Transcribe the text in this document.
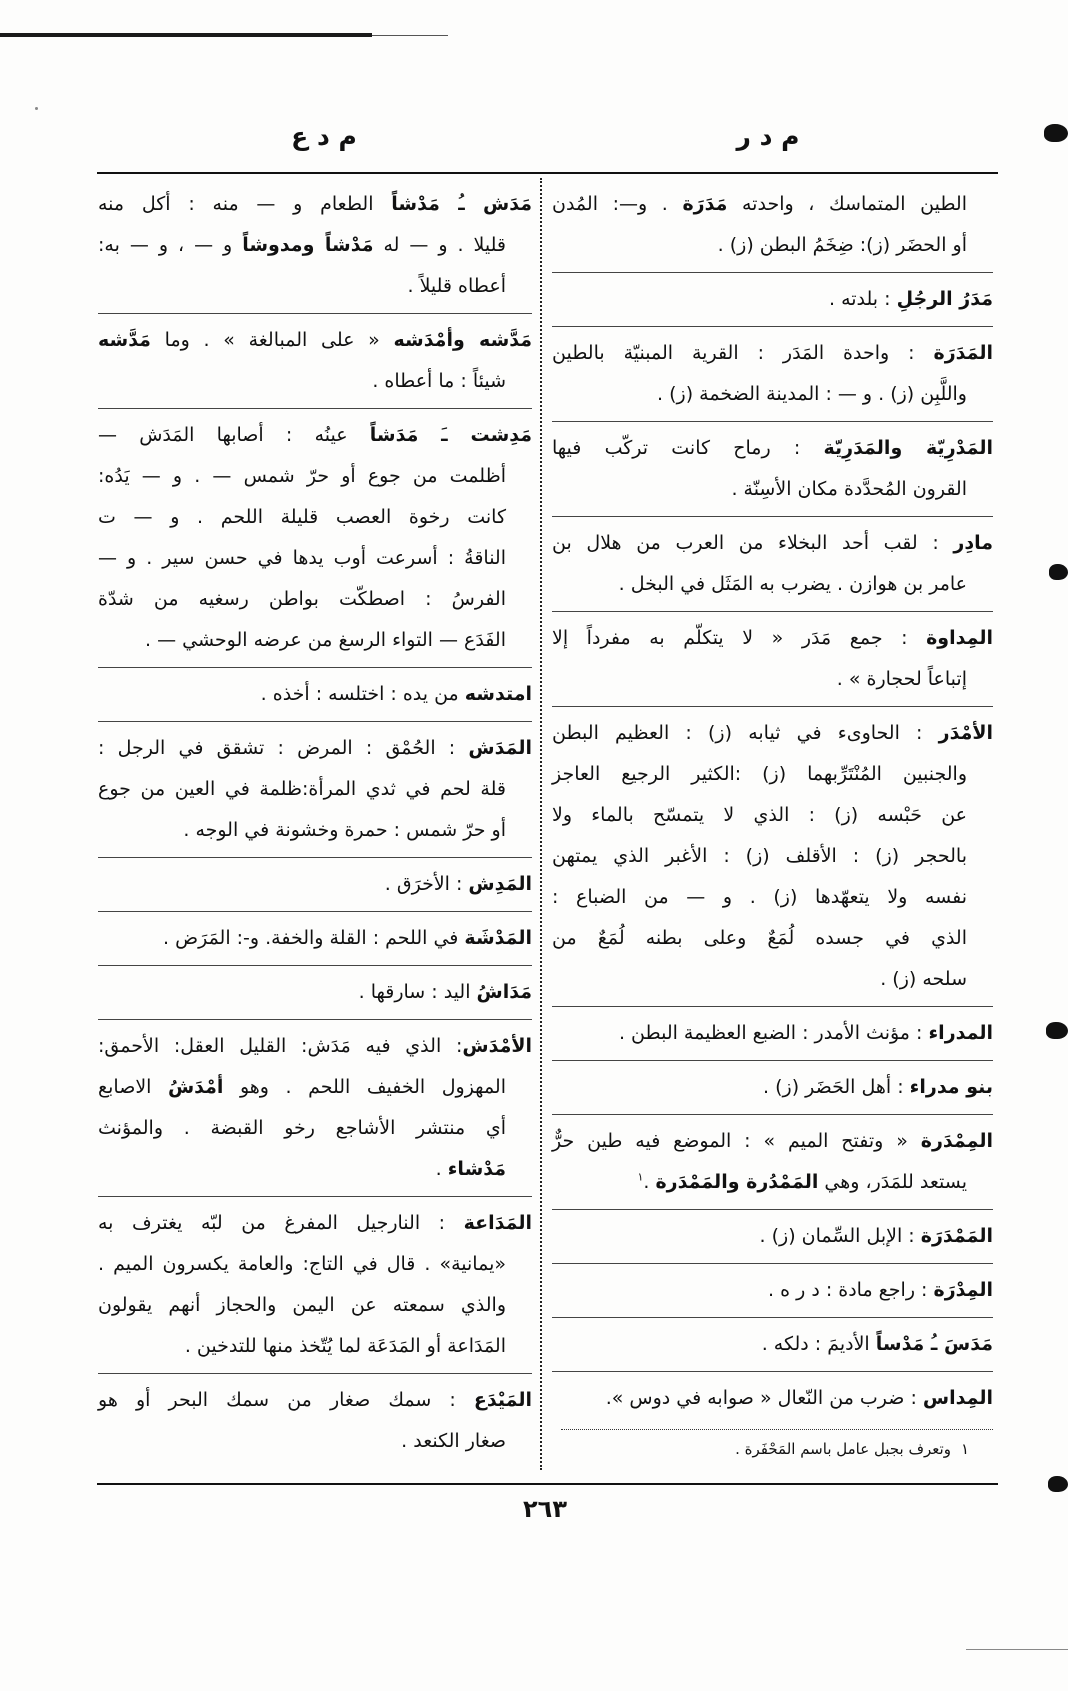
م د ع	م د ر
الطين المتماسك ، واحدته مَدَرَة . و—: المُدن
أو الحضَر (ز): ضِخَمُ البطن (ز) .
مَدَرُ الرجُلِ : بلدته .
المَدَرَة : واحدة المَدَر : القرية المبنيّة بالطين
واللَّبِن (ز) . و — : المدينة الضخمة (ز) .
المَدْرِيّة والمَدَرِيّة : رماح كانت تركّب فيها
القرون المُحدَّدة مكان الأسِنّة .
مادِر : لقب أحد البخلاء من العرب من هلال بن
عامر بن هوازن . يضرب به المَثَل في البخل .
المِداوة : جمع مَدَر « لا يتكلّم به مفرداً إلا
إتباعاً لحجارة » .
الأمْدَر : الحاوىء في ثيابه (ز) : العظيم البطن
والجنبين المُنْتَرِّبهما (ز) :الكثير الرجيع العاجز
عن حَبْسه (ز) : الذي لا يتمسّح بالماء ولا
بالحجر (ز) : الأقلف (ز) : الأغبر الذي يمتهن
نفسه ولا يتعهّدها (ز) . و — من الضباع :
الذي في جسده لُمَعٌ وعلى بطنه لُمَعٌ من
سلحه (ز) .
المدراء : مؤنث الأمدر : الضبع العظيمة البطن .
بنو مدراء : أهل الحَضَر (ز) .
المِمْدَرة « وتفتح الميم » : الموضع فيه طين حرٌّ
يستعد للمَدَر، وهي المَمْدُرة والمَمْدَرة .$^١$
المَمْدَرَة : الإبل السِّمان (ز) .
المِدْرَة : راجع مادة : د ر ه .
مَدَسَ ـُ مَدْساً الأديمَ : دلكه .
المِداس : ضرب من النّعال « صوابه في دوس ».
مَدَش ـُ مَدْشاً الطعام و — منه : أكل منه
قليلا . و — له مَدْشاً ومدوشاً و — ، و — به:
أعطاه قليلاً .
مَدَّشه وأمْدَشه « على المبالغة » . وما مَدَّشه
شيئاً : ما أعطاه .
مَدِشت ـَ مَدَشاً عينُه : أصابها المَدَش —
أظلمت من جوع أو حرّ شمس — . و — يَدُه:
كانت رخوة العصب قليلة اللحم . و — ت
الناقةُ : أسرعت أوب يدها في حسن سير . و —
الفرسُ : اصطكّت بواطن رسغيه من شدّة
الفَدَع — التواء الرسغ من عرضه الوحشي — .
امتدشه من يده : اختلسه : أخذه .
المَدَش : الحُمْق : المرض : تشقق في الرجل :
قلة لحم في ثدي المرأة:ظلمة في العين من جوع
أو حرّ شمس : حمرة وخشونة في الوجه .
المَدِش : الأخرَق .
المَدْشَة في اللحم : القلة والخفة. و-: المَرَض .
مَدَاشُ اليد : سارقها .
الأمْدَش: الذي فيه مَدَش: القليل العقل: الأحمق:
المهزول الخفيف اللحم . وهو أمْدَشُ الاصابع
أي منتشر الأشاجع رخو القبضة . والمؤنث
مَدْشاء .
المَدَاعة : النارجيل المفرغ من لبّه يغترف به
«يمانية» . قال في التاج: والعامة يكسرون الميم .
والذي سمعته عن اليمن والحجاز أنهم يقولون
المَدَاعة أو المَدَعَة لما يُتّخذ منها للتدخين .
المَيْدَع : سمك صغار من سمك البحر أو هو
صغار الكنعد .	١وتعرف بجبل عامل باسم المَحْفَرة .
٢٦٣
